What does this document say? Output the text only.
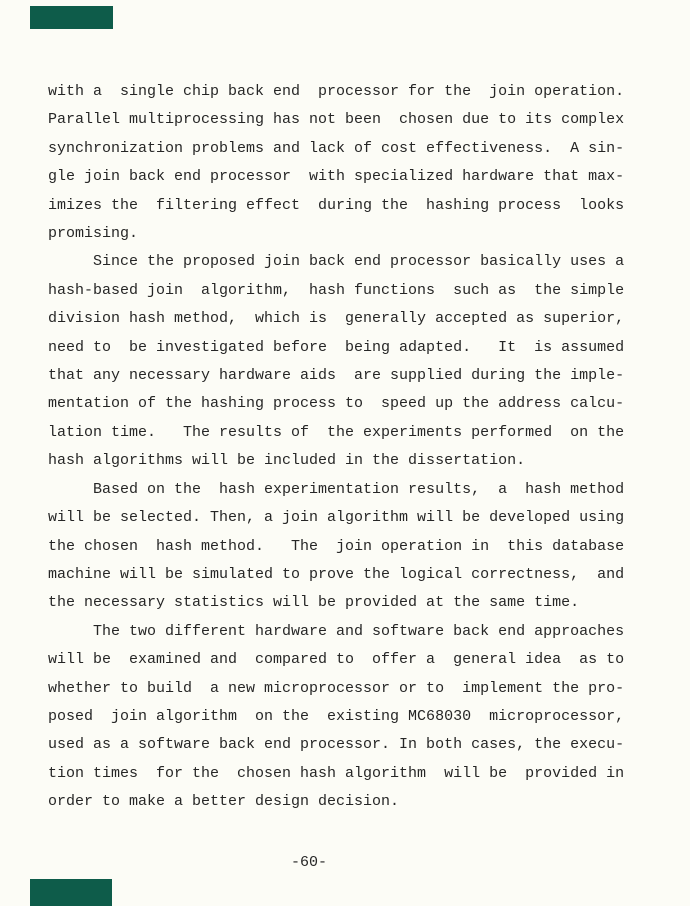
with a  single chip back end  processor for the  join operation.
Parallel multiprocessing has not been  chosen due to its complex
synchronization problems and lack of cost effectiveness.  A sin-
gle join back end processor  with specialized hardware that max-
imizes the  filtering effect  during the  hashing process  looks
promising.
Since the proposed join back end processor basically uses a
hash-based join  algorithm,  hash functions  such as  the simple
division hash method,  which is  generally accepted as superior,
need to  be investigated before  being adapted.   It  is assumed
that any necessary hardware aids  are supplied during the imple-
mentation of the hashing process to  speed up the address calcu-
lation time.   The results of  the experiments performed  on the
hash algorithms will be included in the dissertation.
Based on the  hash experimentation results,  a  hash method
will be selected. Then, a join algorithm will be developed using
the chosen  hash method.   The  join operation in  this database
machine will be simulated to prove the logical correctness,  and
the necessary statistics will be provided at the same time.
The two different hardware and software back end approaches
will be  examined and  compared to  offer a  general idea  as to
whether to build  a new microprocessor or to  implement the pro-
posed  join algorithm  on the  existing MC68030  microprocessor,
used as a software back end processor. In both cases, the execu-
tion times  for the  chosen hash algorithm  will be  provided in
order to make a better design decision.
-60-
